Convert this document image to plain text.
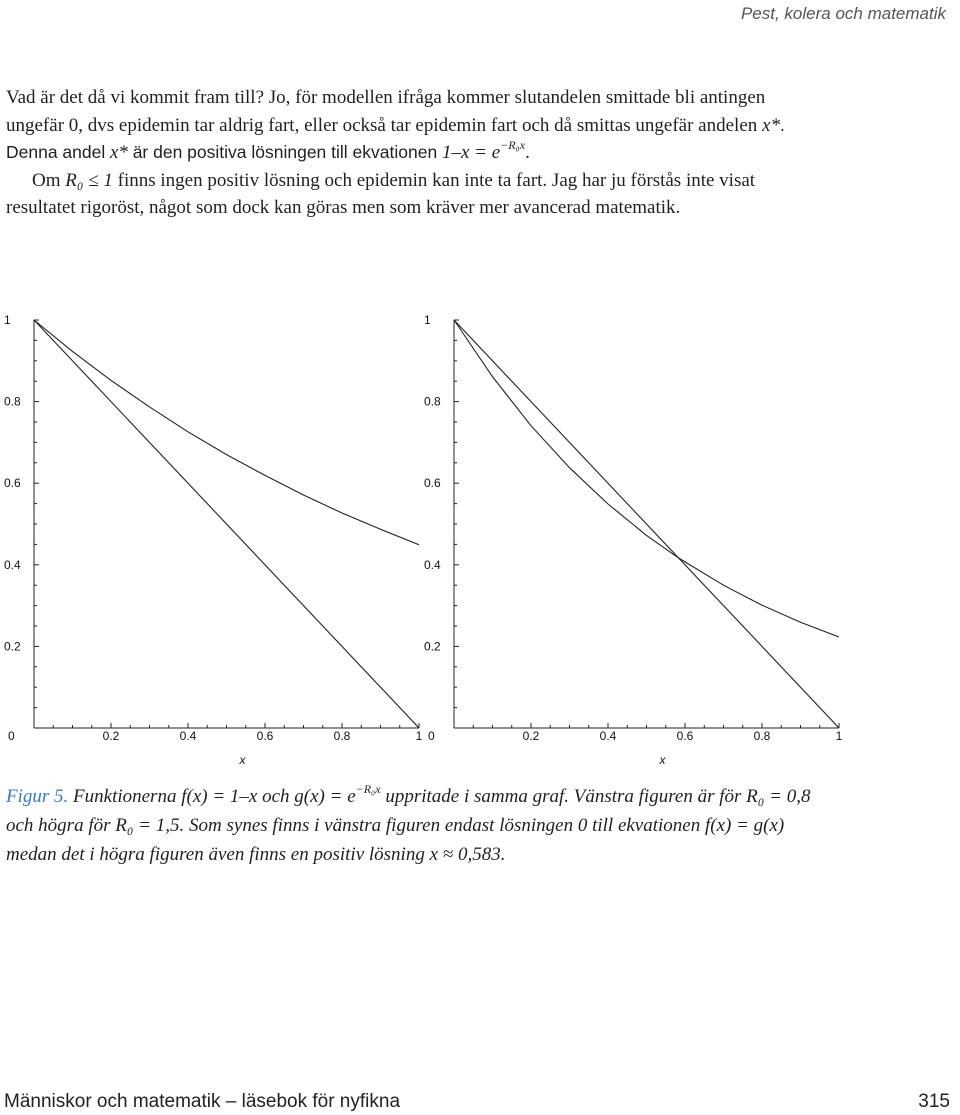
Pest, kolera och matematik

Vad är det då vi kommit fram till? Jo, för modellen ifråga kommer slutandelen smittade bli antingen ungefär 0, dvs epidemin tar aldrig fart, eller också tar epidemin fart och då smittas ungefär andelen x*. Denna andel x* är den positiva lösningen till ekvationen $1-x = e^{-R_0x}$.

Om R₀ ≤ 1 finns ingen positiv lösning och epidemin kan inte ta fart. Jag har ju förstås inte visat resultatet rigoröst, något som dock kan göras men som kräver mer avancerad matematik.

1
0.8
0.6
0.4
0.2
0	0.2	0.4	0.6	0.8	1
x
1
0.8
0.6
0.4
0.2
0	0.2	0.4	0.6	0.8	1
x
Figur 5. Funktionerna f(x) = 1–x och $g(x) = e^{-R_0x}$ uppritade i samma graf. Vänstra figuren är för R₀ = 0,8 och högra för R₀ = 1,5. Som synes finns i vänstra figuren endast lösningen 0 till ekvationen f(x) = g(x) medan det i högra figuren även finns en positiv lösning x ≈ 0,583.
Människor och matematik – läsebok för nyfikna	315
